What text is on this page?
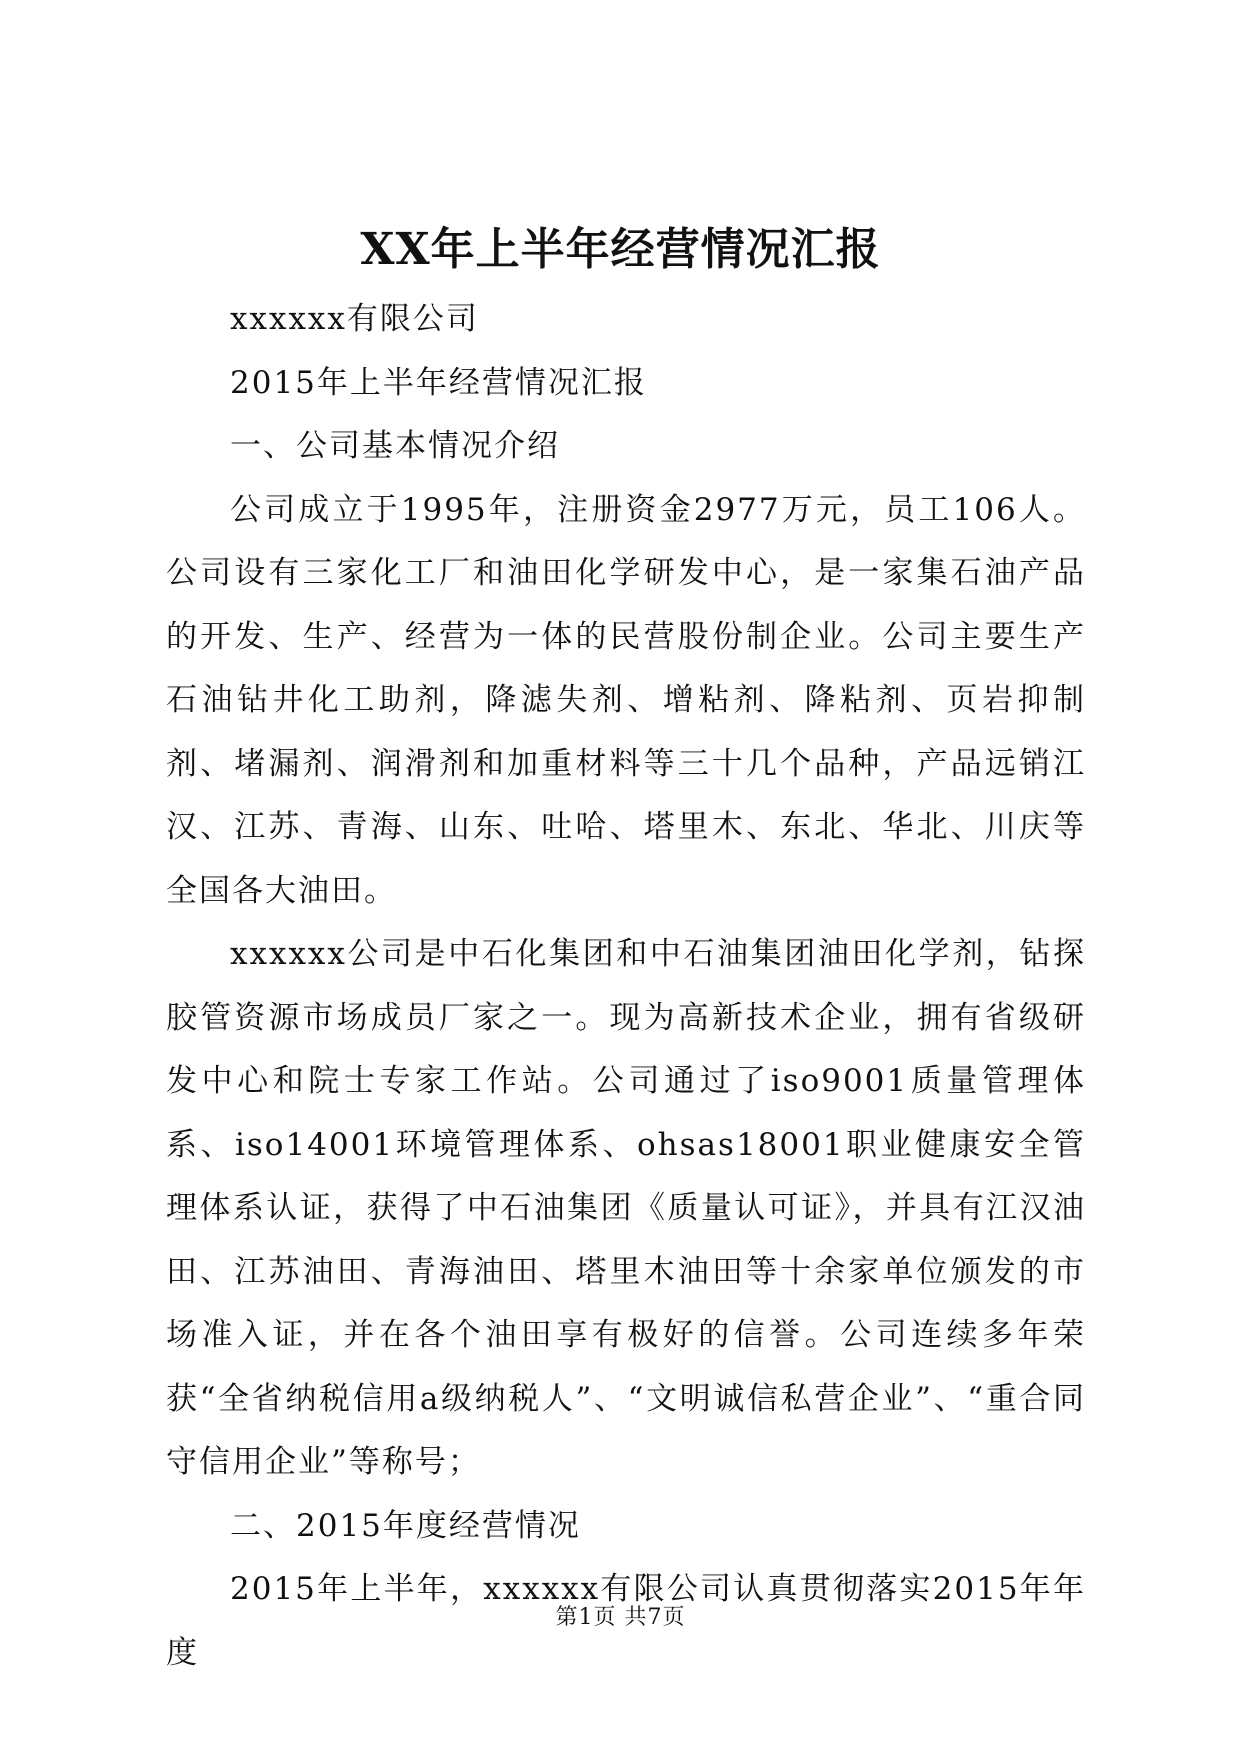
XX年上半年经营情况汇报

xxxxxx有限公司

2015年上半年经营情况汇报

一、公司基本情况介绍

公司成立于1995年，注册资金2977万元，员工106人。公司设有三家化工厂和油田化学研发中心，是一家集石油产品的开发、生产、经营为一体的民营股份制企业。公司主要生产石油钻井化工助剂，降滤失剂、增粘剂、降粘剂、页岩抑制剂、堵漏剂、润滑剂和加重材料等三十几个品种，产品远销江汉、江苏、青海、山东、吐哈、塔里木、东北、华北、川庆等全国各大油田。

xxxxxx公司是中石化集团和中石油集团油田化学剂，钻探胶管资源市场成员厂家之一。现为高新技术企业，拥有省级研发中心和院士专家工作站。公司通过了iso9001质量管理体系、iso14001环境管理体系、ohsas18001职业健康安全管理体系认证，获得了中石油集团《质量认可证》，并具有江汉油田、江苏油田、青海油田、塔里木油田等十余家单位颁发的市场准入证，并在各个油田享有极好的信誉。公司连续多年荣获“全省纳税信用a级纳税人”、“文明诚信私营企业”、“重合同守信用企业”等称号；

二、2015年度经营情况

2015年上半年，xxxxxx有限公司认真贯彻落实2015年年度

第1页 共7页
